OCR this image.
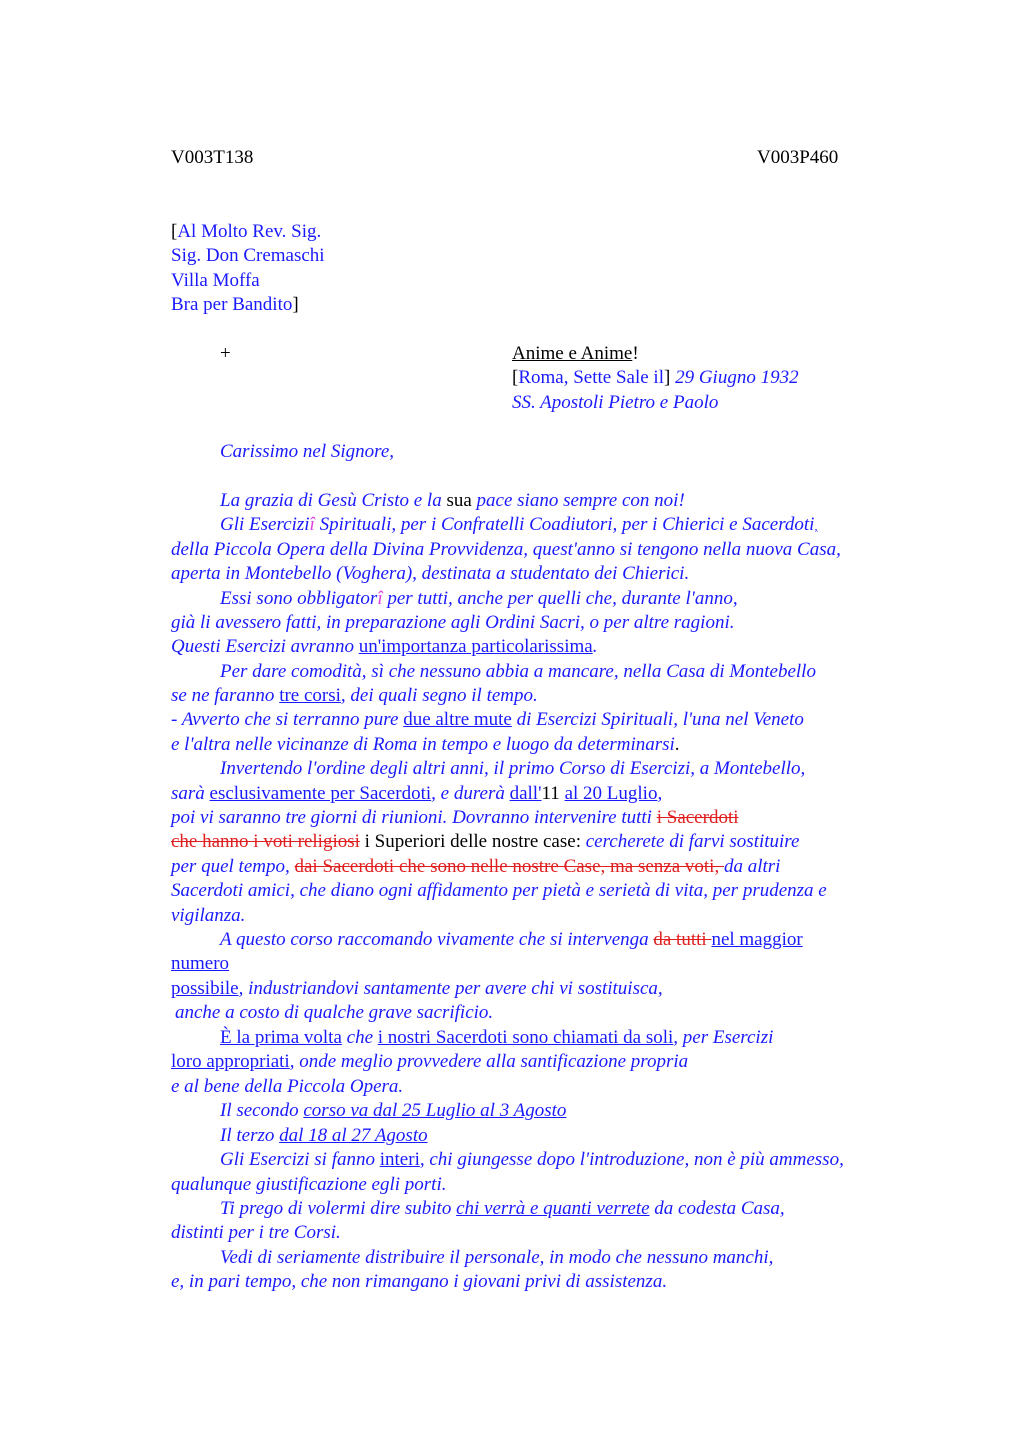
V003T138	V003P460
[Al Molto Rev. Sig.
Sig. Don Cremaschi
Villa Moffa
Bra per Bandito]
+	Anime e Anime!
[Roma, Sette Sale il] 29 Giugno 1932
SS. Apostoli Pietro e Paolo
Carissimo nel Signore,
La grazia di Gesù Cristo e la sua pace siano sempre con noi!
Gli Eserciziî Spirituali, per i Confratelli Coadiutori, per i Chierici e Sacerdoti,
della Piccola Opera della Divina Provvidenza, quest'anno si tengono nella nuova Casa,
aperta in Montebello (Voghera), destinata a studentato dei Chierici.
Essi sono obbligatorî per tutti, anche per quelli che, durante l'anno,
già li avessero fatti, in preparazione agli Ordini Sacri, o per altre ragioni.
Questi Esercizi avranno un'importanza particolarissima.
Per dare comodità, sì che nessuno abbia a mancare, nella Casa di Montebello
se ne faranno tre corsi, dei quali segno il tempo.
- Avverto che si terranno pure due altre mute di Esercizi Spirituali, l'una nel Veneto
e l'altra nelle vicinanze di Roma in tempo e luogo da determinarsi.
Invertendo l'ordine degli altri anni, il primo Corso di Esercizi, a Montebello,
sarà esclusivamente per Sacerdoti, e durerà dall'11 al 20 Luglio,
poi vi saranno tre giorni di riunioni. Dovranno intervenire tutti i Sacerdoti
che hanno i voti religiosi i Superiori delle nostre case: cercherete di farvi sostituire
per quel tempo, dai Sacerdoti che sono nelle nostre Case, ma senza voti, da altri
Sacerdoti amici, che diano ogni affidamento per pietà e serietà di vita, per prudenza e
vigilanza.
A questo corso raccomando vivamente che si intervenga da tutti nel maggior
numero
possibile, industriandovi santamente per avere chi vi sostituisca,
anche a costo di qualche grave sacrificio.
È la prima volta che i nostri Sacerdoti sono chiamati da soli, per Esercizi
loro appropriati, onde meglio provvedere alla santificazione propria
e al bene della Piccola Opera.
Il secondo corso va dal 25 Luglio al 3 Agosto
Il terzo dal 18 al 27 Agosto
Gli Esercizi si fanno interi, chi giungesse dopo l'introduzione, non è più ammesso,
qualunque giustificazione egli porti.
Ti prego di volermi dire subito chi verrà e quanti verrete da codesta Casa,
distinti per i tre Corsi.
Vedi di seriamente distribuire il personale, in modo che nessuno manchi,
e, in pari tempo, che non rimangano i giovani privi di assistenza.
